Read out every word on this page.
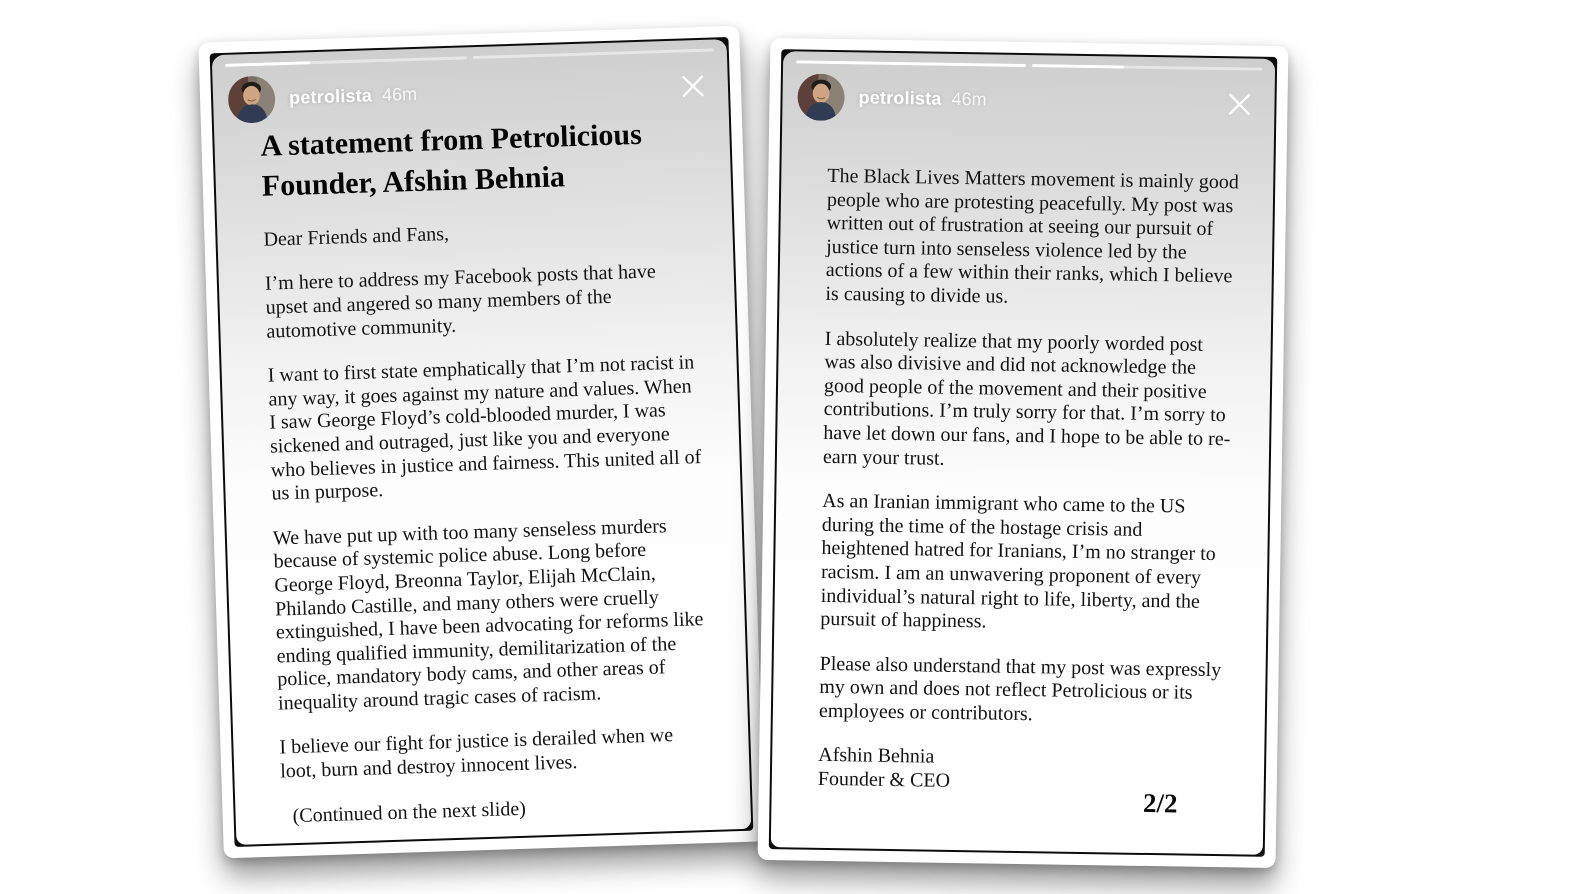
petrolista 46m
A statement from Petrolicious Founder, Afshin Behnia

Dear Friends and Fans,

I’m here to address my Facebook posts that have upset and angered so many members of the automotive community.

I want to first state emphatically that I’m not racist in any way, it goes against my nature and values. When I saw George Floyd’s cold-blooded murder, I was sickened and outraged, just like you and everyone who believes in justice and fairness. This united all of us in purpose.

We have put up with too many senseless murders because of systemic police abuse. Long before George Floyd, Breonna Taylor, Elijah McClain, Philando Castille, and many others were cruelly extinguished, I have been advocating for reforms like ending qualified immunity, demilitarization of the police, mandatory body cams, and other areas of inequality around tragic cases of racism.

I believe our fight for justice is derailed when we loot, burn and destroy innocent lives.

(Continued on the next slide)

petrolista 46m

The Black Lives Matters movement is mainly good people who are protesting peacefully. My post was written out of frustration at seeing our pursuit of justice turn into senseless violence led by the actions of a few within their ranks, which I believe is causing to divide us.

I absolutely realize that my poorly worded post was also divisive and did not acknowledge the good people of the movement and their positive contributions. I’m truly sorry for that. I’m sorry to have let down our fans, and I hope to be able to re-earn your trust.

As an Iranian immigrant who came to the US during the time of the hostage crisis and heightened hatred for Iranians, I’m no stranger to racism. I am an unwavering proponent of every individual’s natural right to life, liberty, and the pursuit of happiness.

Please also understand that my post was expressly my own and does not reflect Petrolicious or its employees or contributors.

Afshin Behnia

Founder & CEO

2/2
